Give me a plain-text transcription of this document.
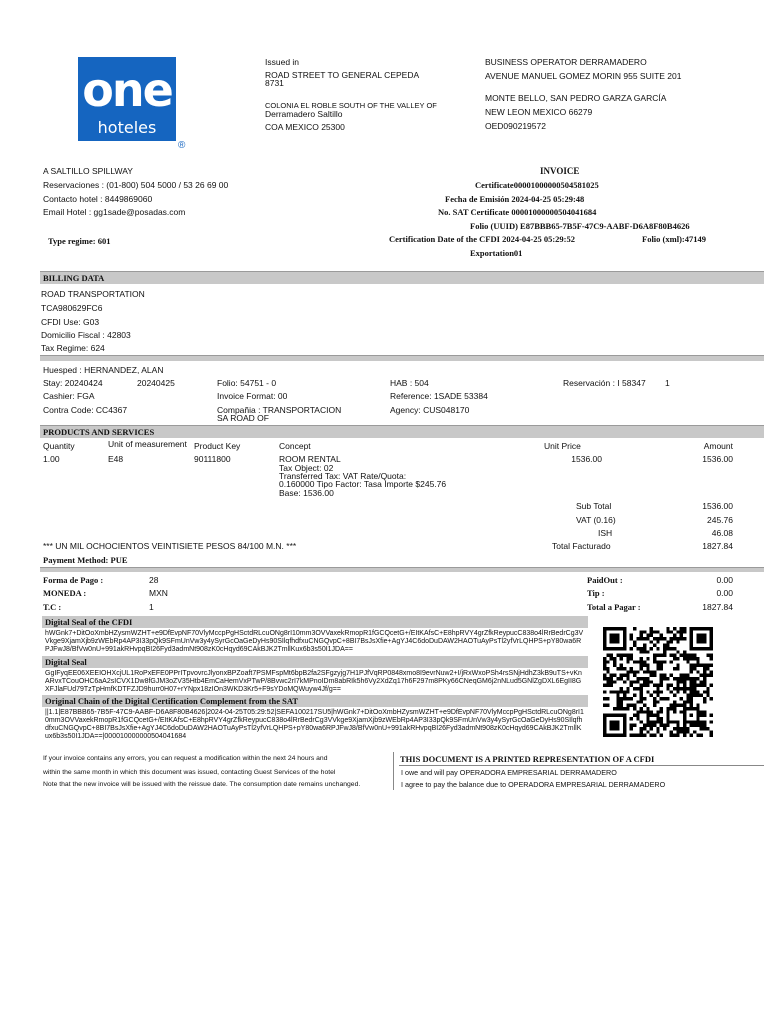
one
hoteles
®
Issued in
ROAD STREET TO GENERAL CEPEDA
8731
COLONIA EL ROBLE SOUTH OF THE VALLEY OF
Derramadero Saltillo
COA MEXICO 25300
BUSINESS OPERATOR DERRAMADERO
AVENUE MANUEL GOMEZ MORIN 955 SUITE 201
MONTE BELLO, SAN PEDRO GARZA GARCÍA
NEW LEON MEXICO 66279
OED090219572
A SALTILLO SPILLWAY
Reservaciones : (01-800) 504 5000 / 53 26 69 00
Contacto hotel : 8449869060
Email Hotel : gg1sade@posadas.com
Type regime: 601
INVOICE
Certificate00001000000504581025
Fecha de Emisión 2024-04-25 05:29:48
No. SAT Certificate 00001000000504041684
Folio (UUID) E87BBB65-7B5F-47C9-AABF-D6A8F80B4626
Certification Date of the CFDI 2024-04-25 05:29:52	Folio (xml):47149
Exportation01
BILLING DATA
ROAD TRANSPORTATION
TCA980629FC6
CFDI Use: G03
Domicilio Fiscal : 42803
Tax Regime: 624
Huesped : HERNANDEZ, ALAN
Stay: 20240424	20240425	Folio: 54751 - 0	HAB : 504	Reservación : I 58347 1
Cashier: FGA	Invoice Format: 00	Reference: 1SADE 53384
Contra Code: CC4367	Compañia : TRANSPORTACION
SA ROAD OF
Agency: CUS048170
PRODUCTS AND SERVICES
Quantity	Unit of measurement Product Key	Concept	Unit Price	Amount
1.00	E48	90111800	ROOM RENTAL
Tax Object: 02
Transferred Tax: VAT Rate/Quota:
0.160000 Tipo Factor: Tasa Importe $245.76
Base: 1536.00
1536.00	1536.00
Sub Total	1536.00
VAT (0.16)	245.76
ISH	46.08
*** UN MIL OCHOCIENTOS VEINTISIETE PESOS 84/100 M.N. ***	Total Facturado	1827.84
Payment Method: PUE
Forma de Pago :	28
MONEDA :	MXN
T.C :	1
PaidOut :	0.00
Tip :	0.00
Total a Pagar :	1827.84
Digital Seal of the CFDI
hWGnk7+DitOoXmbHZysmWZHT+e9DfEvpNF70VlyMccpPgHSctdRLcuONg8rI10mm3OVVaxekRmopR1fGCQcetG+/EItKAfsC+E8hpRVY4grZfkReypucC838o4lRrBedrCg3VVkge9XjamXjb9zWEbRp4AP3I33pQk9SFmUnVw3y4ySyrGcOaGeDyHs90SIlqfhdfxuCNGQvpC+8BI7BsJsXfie+AgYJ4C6doDuDAW2HAOTuAyPsTl2yfVrLQHPS+pY80wa6RPJFwJ8/BfVw0nU+991akRHvpqBI26Fyd3admNt908zK0cHqyd69CAkBJK2TmllKux6b3s50I1JDA==
Digital Seal
GgIFyqEE06XEEIOHXcjUL1RoPxEFE0PPrITpvovrcJlyonxBPZoaft7PSMFspMt6bpB2fa2SFgzyjg7H1PJfVqRP0848xmo8I9evrNuw2+I/jRxWxoPSh4rsSNjHdhZ3kB9uTS+vKnARvxTCouOHC6aA2sICVX1Dw8fGJM3oZV35Htb4EmCaHemVxPTwP/8Bvwc2rI7kMPnoIDm8abRIk5h6Vy2XdZq17h6F297m8PKy66CNeqGM6j2nNLud5GNlZgDXL6EgII8GXFJlaFUd79TzTpHmfKDTFZJD9hurr0H07+rYNpx18zIOn3WKD3Kr5+F9sYDoMQWuyw4Jf/g==
Original Chain of the Digital Certification Complement from the SAT
||1.1|E87BBB65-7B5F-47C9-AABF-D6A8F80B4626|2024-04-25T05:29:52|SEFA100217SU5|hWGnk7+DitOoXmbHZysmWZHT+e9DfEvpNF70VlyMccpPgHSctdRLcuONg8rI10mm3OVVaxekRmopR1fGCQcetG+/EItKAfsC+E8hpRVY4grZfkReypucC838o4lRrBedrCg3VVkge9XjamXjb9zWEbRp4AP3I33pQk9SFmUnVw3y4ySyrGcOaGeDyHs90SIlqfhdfxuCNGQvpC+8BI7BsJsXfie+AgYJ4C6doDuDAW2HAOTuAyPsTl2yfVrLQHPS+pY80wa6RPJFwJ8/BfVw0nU+991akRHvpqBI26Fyd3admNt908zK0cHqyd69CAkBJK2TmllKux6b3s50I1JDA==|000010000000504041684
If your invoice contains any errors, you can request a modification within the next 24 hours and
within the same month in which this document was issued, contacting Guest Services of the hotel
Note that the new invoice will be issued with the reissue date. The consumption date remains unchanged.
THIS DOCUMENT IS A PRINTED REPRESENTATION OF A CFDI
I owe and will pay OPERADORA EMPRESARIAL DERRAMADERO
I agree to pay the balance due to OPERADORA EMPRESARIAL DERRAMADERO
